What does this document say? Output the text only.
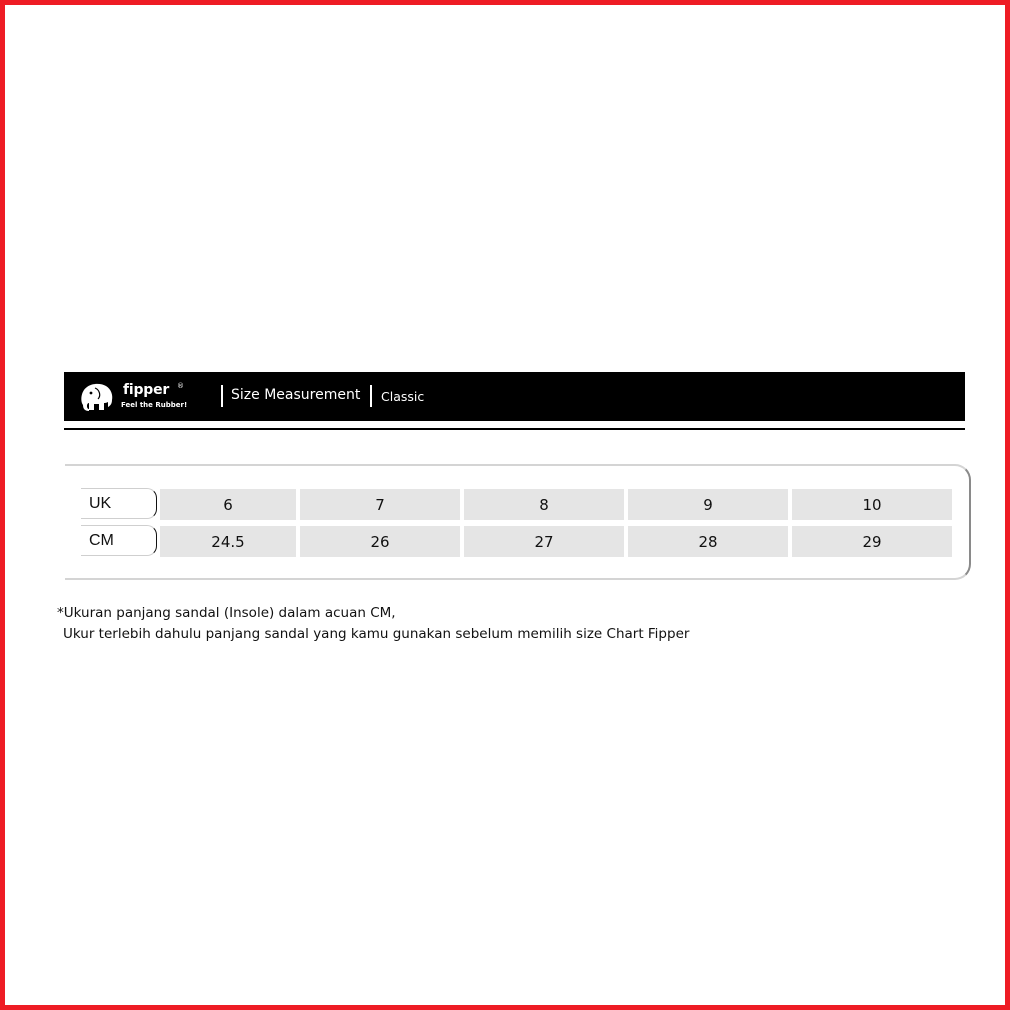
fipper ®
Feel the Rubber!
Size Measurement Classic
UK	6	7	8	9	10
CM	24.5	26	27	28	29
*Ukuran panjang sandal (Insole) dalam acuan CM,
Ukur terlebih dahulu panjang sandal yang kamu gunakan sebelum memilih size Chart Fipper
